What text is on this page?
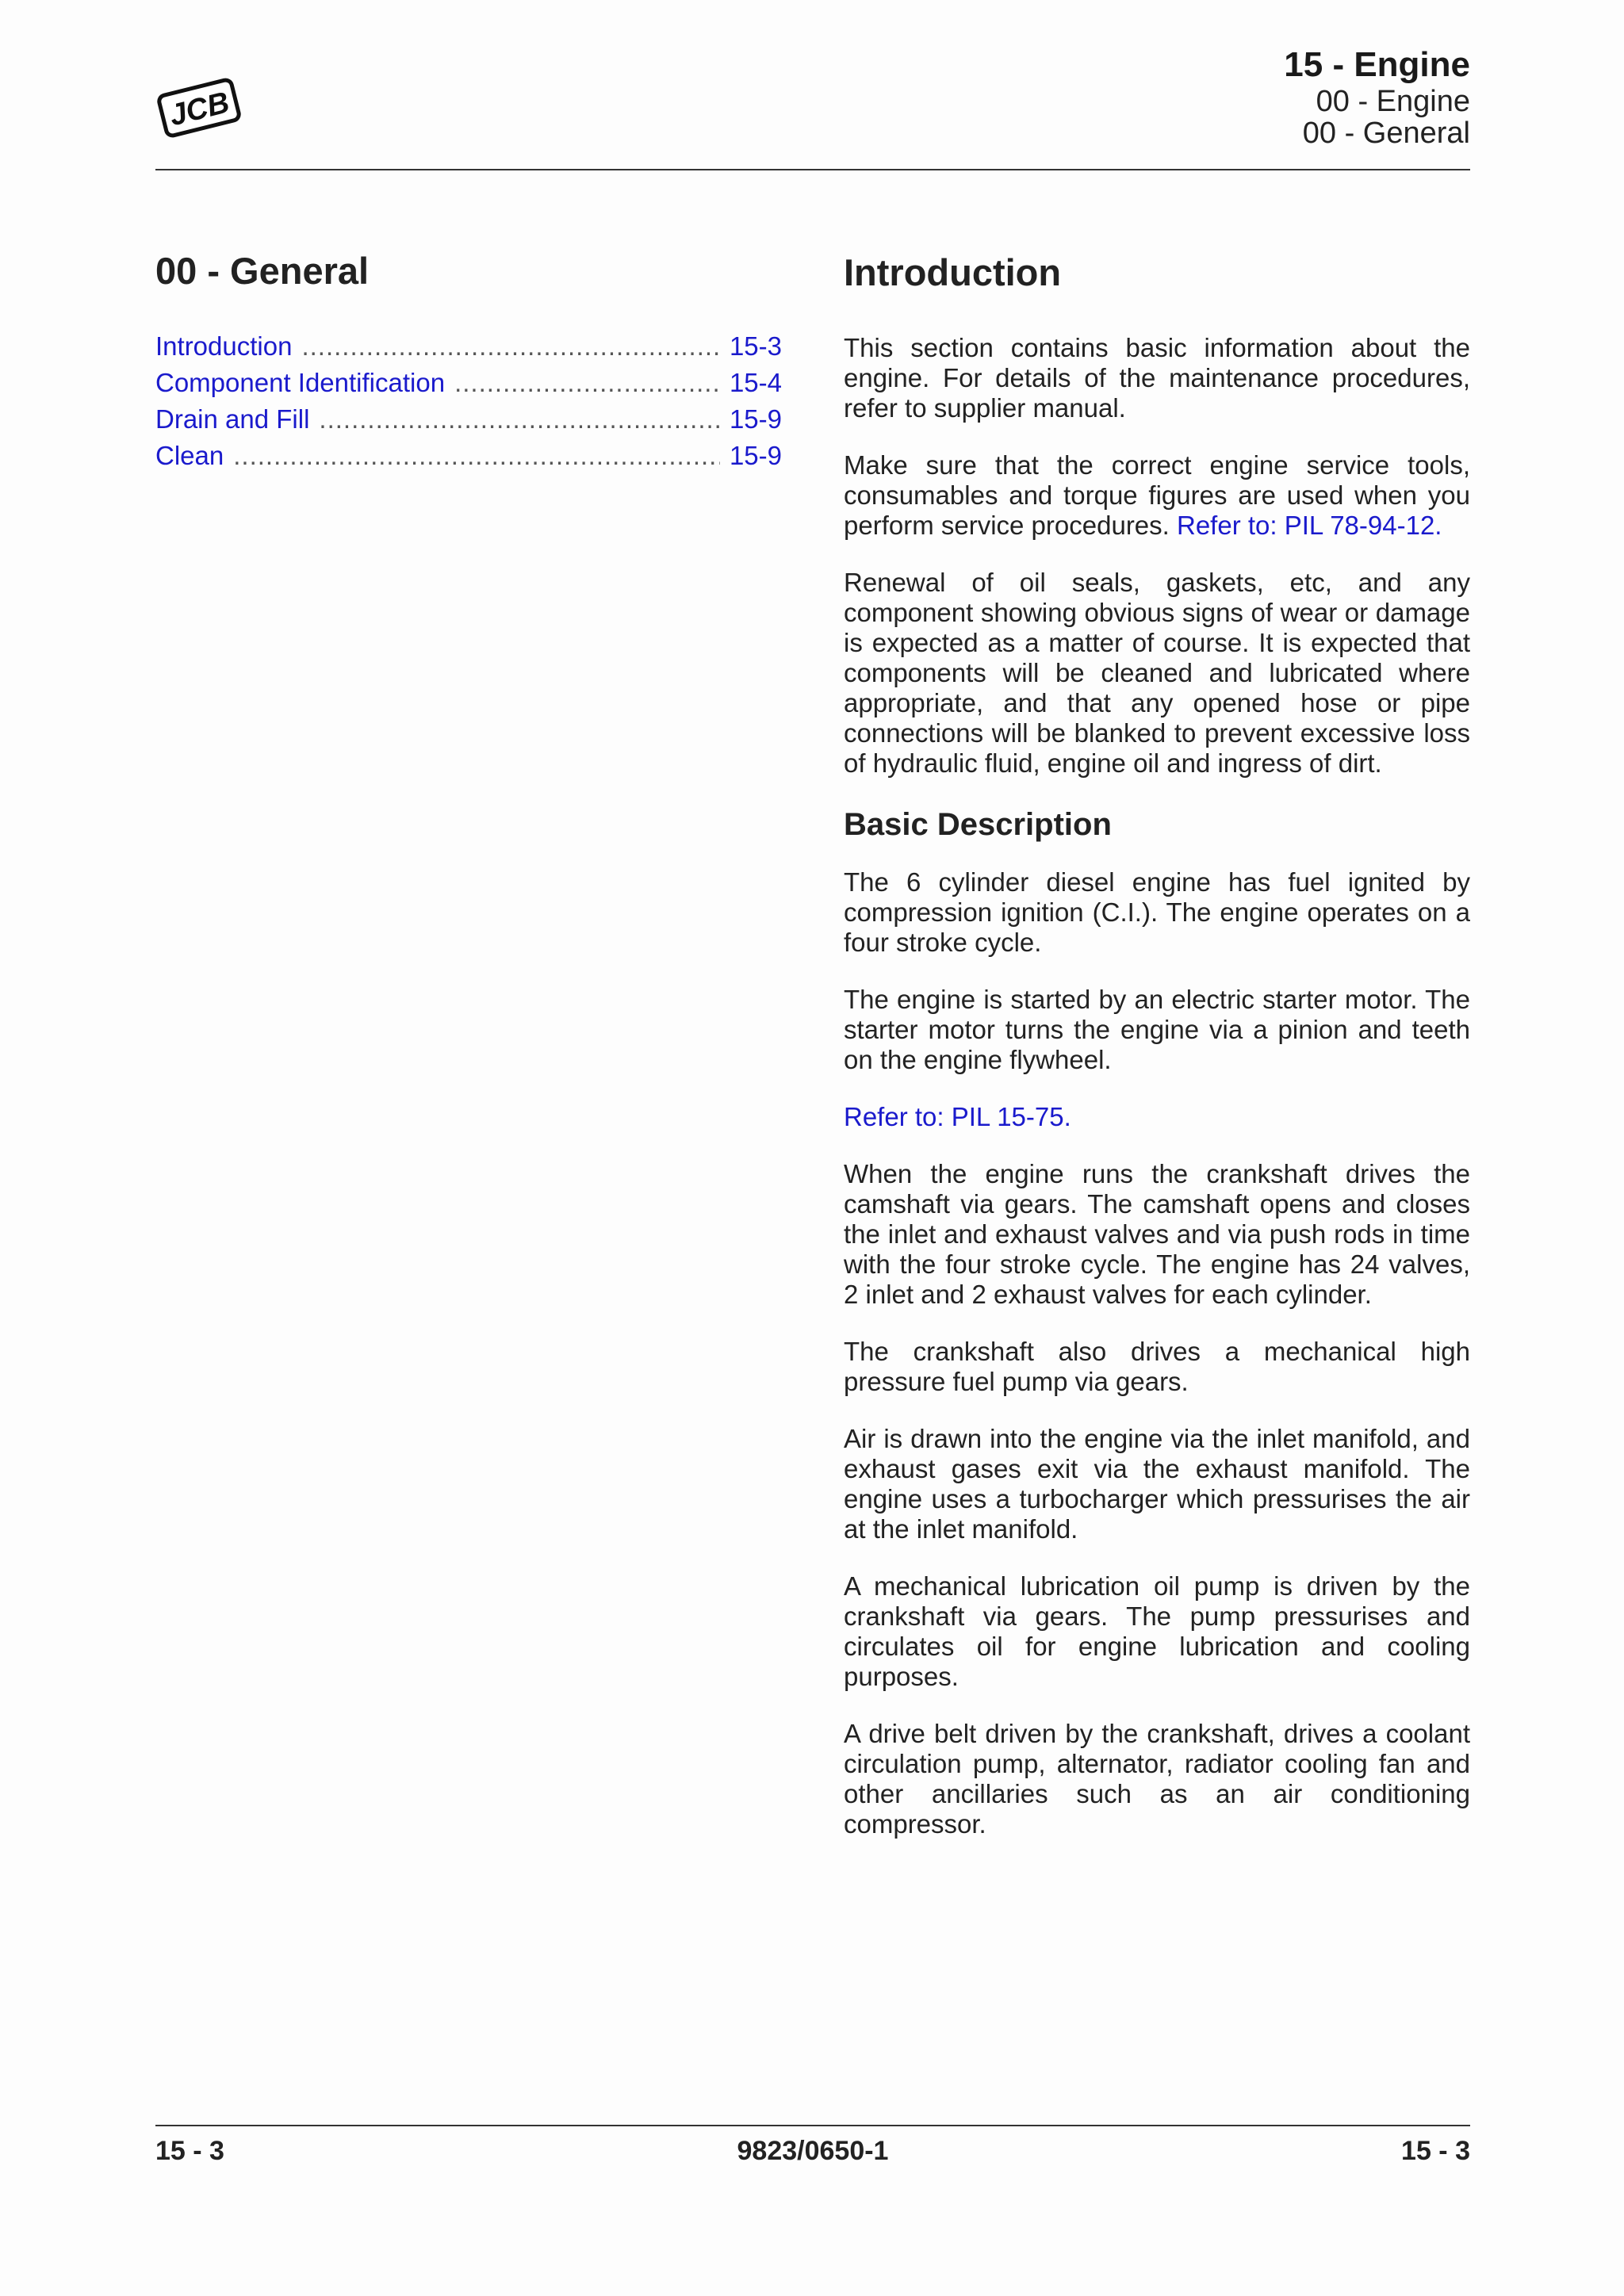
JCB
15 - Engine
00 - Engine
00 - General
00 - General
Introduction .....	15-3
Component Identification .....	15-4
Drain and Fill .....	15-9
Clean .....	15-9
Introduction

This section contains basic information about the engine. For details of the maintenance procedures, refer to supplier manual.

Make sure that the correct engine service tools, consumables and torque figures are used when you perform service procedures. Refer to: PIL 78-94-12.

Renewal of oil seals, gaskets, etc, and any component showing obvious signs of wear or damage is expected as a matter of course. It is expected that components will be cleaned and lubricated where appropriate, and that any opened hose or pipe connections will be blanked to prevent excessive loss of hydraulic fluid, engine oil and ingress of dirt.

Basic Description

The 6 cylinder diesel engine has fuel ignited by compression ignition (C.I.). The engine operates on a four stroke cycle.

The engine is started by an electric starter motor. The starter motor turns the engine via a pinion and teeth on the engine flywheel.

Refer to: PIL 15-75.

When the engine runs the crankshaft drives the camshaft via gears. The camshaft opens and closes the inlet and exhaust valves and via push rods in time with the four stroke cycle. The engine has 24 valves, 2 inlet and 2 exhaust valves for each cylinder.

The crankshaft also drives a mechanical high pressure fuel pump via gears.

Air is drawn into the engine via the inlet manifold, and exhaust gases exit via the exhaust manifold. The engine uses a turbocharger which pressurises the air at the inlet manifold.

A mechanical lubrication oil pump is driven by the crankshaft via gears. The pump pressurises and circulates oil for engine lubrication and cooling purposes.

A drive belt driven by the crankshaft, drives a coolant circulation pump, alternator, radiator cooling fan and other ancillaries such as an air conditioning compressor.

15 - 3	9823/0650-1	15 - 3
